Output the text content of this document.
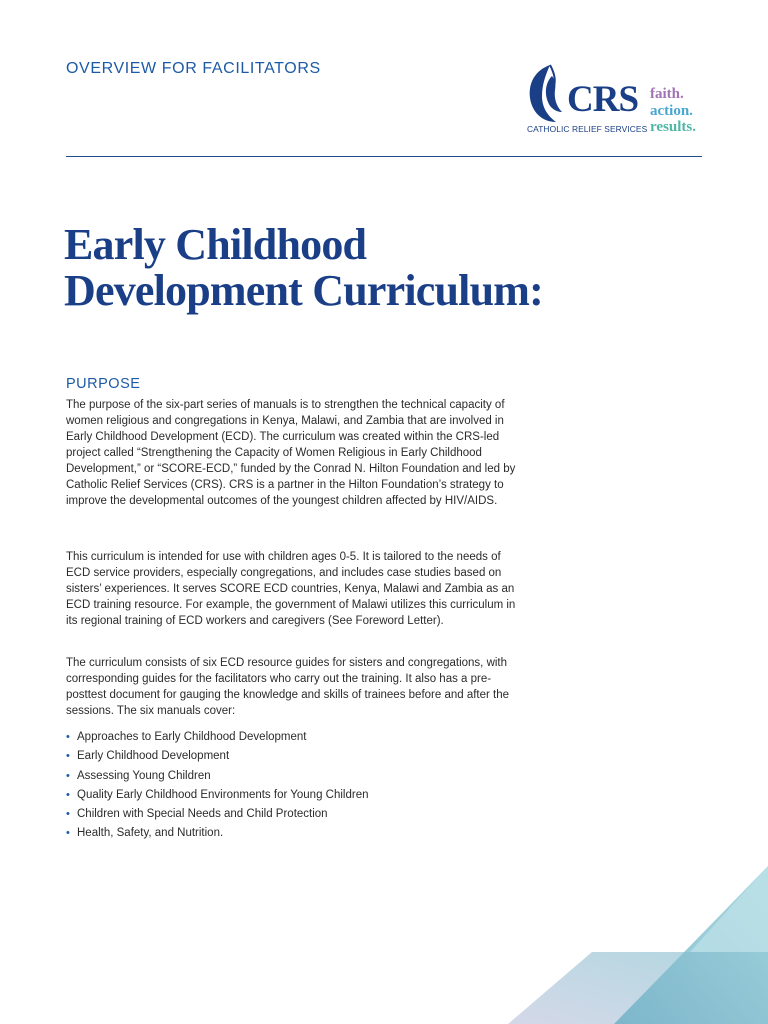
OVERVIEW FOR FACILITATORS
CRS
CATHOLIC RELIEF SERVICES
faith.
action.
results.
Early Childhood
Development Curriculum:
PURPOSE
The purpose of the six-part series of manuals is to strengthen the technical capacity of women religious and congregations in Kenya, Malawi, and Zambia that are involved in Early Childhood Development (ECD). The curriculum was created within the CRS-led project called “Strengthening the Capacity of Women Religious in Early Childhood Development,” or “SCORE-ECD,” funded by the Conrad N. Hilton Foundation and led by Catholic Relief Services (CRS). CRS is a partner in the Hilton Foundation’s strategy to improve the developmental outcomes of the youngest children affected by HIV/AIDS.
This curriculum is intended for use with children ages 0-5. It is tailored to the needs of ECD service providers, especially congregations, and includes case studies based on sisters’ experiences. It serves SCORE ECD countries, Kenya, Malawi and Zambia as an ECD training resource. For example, the government of Malawi utilizes this curriculum in its regional training of ECD workers and caregivers (See Foreword Letter).
The curriculum consists of six ECD resource guides for sisters and congregations, with corresponding guides for the facilitators who carry out the training. It also has a pre-posttest document for gauging the knowledge and skills of trainees before and after the sessions. The six manuals cover:
• Approaches to Early Childhood Development
• Early Childhood Development
• Assessing Young Children
• Quality Early Childhood Environments for Young Children
• Children with Special Needs and Child Protection
• Health, Safety, and Nutrition.
